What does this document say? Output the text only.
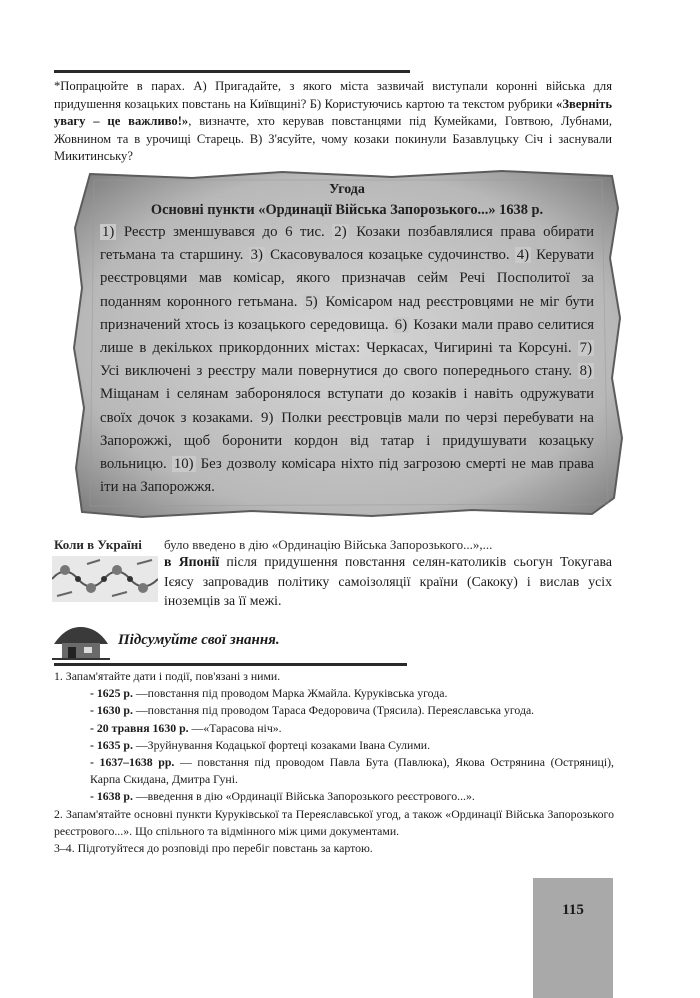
*Попрацюйте в парах. А) Пригадайте, з якого міста зазвичай виступали коронні війська для придушення козацьких повстань на Київщині? Б) Користуючись картою та текстом рубрики «Зверніть увагу – це важливо!», визначте, хто керував повстанцями під Кумейками, Говтвою, Лубнами, Жовнином та в урочищі Старець. В) З'ясуйте, чому козаки покинули Базавлуцьку Січ і заснували Микитинську?
Угода
Основні пункти «Ординації Війська Запорозького...» 1638 р.
1) Реєстр зменшувався до 6 тис. 2) Козаки позбавлялися права обирати гетьмана та старшину. 3) Скасовувалося козацьке судочинство. 4) Керувати реєстровцями мав комісар, якого призначав сейм Речі Посполитої за поданням коронного гетьмана. 5) Комісаром над реєстровцями не міг бути призначений хтось із козацького середовища. 6) Козаки мали право селитися лише в декількох прикордонних містах: Черкасах, Чигирині та Корсуні. 7) Усі виключені з реєстру мали повернутися до свого попереднього стану. 8) Міщанам і селянам заборонялося вступати до козаків і навіть одружувати своїх дочок з козаками. 9) Полки реєстровців мали по черзі перебувати на Запорожжі, щоб боронити кордон від татар і придушувати козацьку вольницю. 10) Без дозволу комісара ніхто під загрозою смерті не мав права іти на Запорожжя.
Коли в Україні було введено в дію «Ординацію Війська Запорозького...»,...
в Японії після придушення повстання селян-католиків сьогун Токугава Ієясу запровадив політику самоізоляції країни (Сакоку) і вислав усіх іноземців за її межі.
Підсумуйте свої знання.

1. Запам'ятайте дати і події, пов'язані з ними.

- 1625 р. —повстання під проводом Марка Жмайла. Куруківська угода.

- 1630 р. —повстання під проводом Тараса Федоровича (Трясила). Переяславська угода.

- 20 травня 1630 р. —«Тарасова ніч».

- 1635 р. —Зруйнування Кодацької фортеці козаками Івана Сулими.

- 1637–1638 рр. — повстання під проводом Павла Бута (Павлюка), Якова Острянина (Остряниці), Карпа Скидана, Дмитра Гуні.

- 1638 р. —введення в дію «Ординації Війська Запорозького реєстрового...».

2. Запам'ятайте основні пункти Куруківської та Переяславської угод, а також «Ординації Війська Запорозького реєстрового...». Що спільного та відмінного між цими документами.

3–4. Підготуйтеся до розповіді про перебіг повстань за картою.

115
